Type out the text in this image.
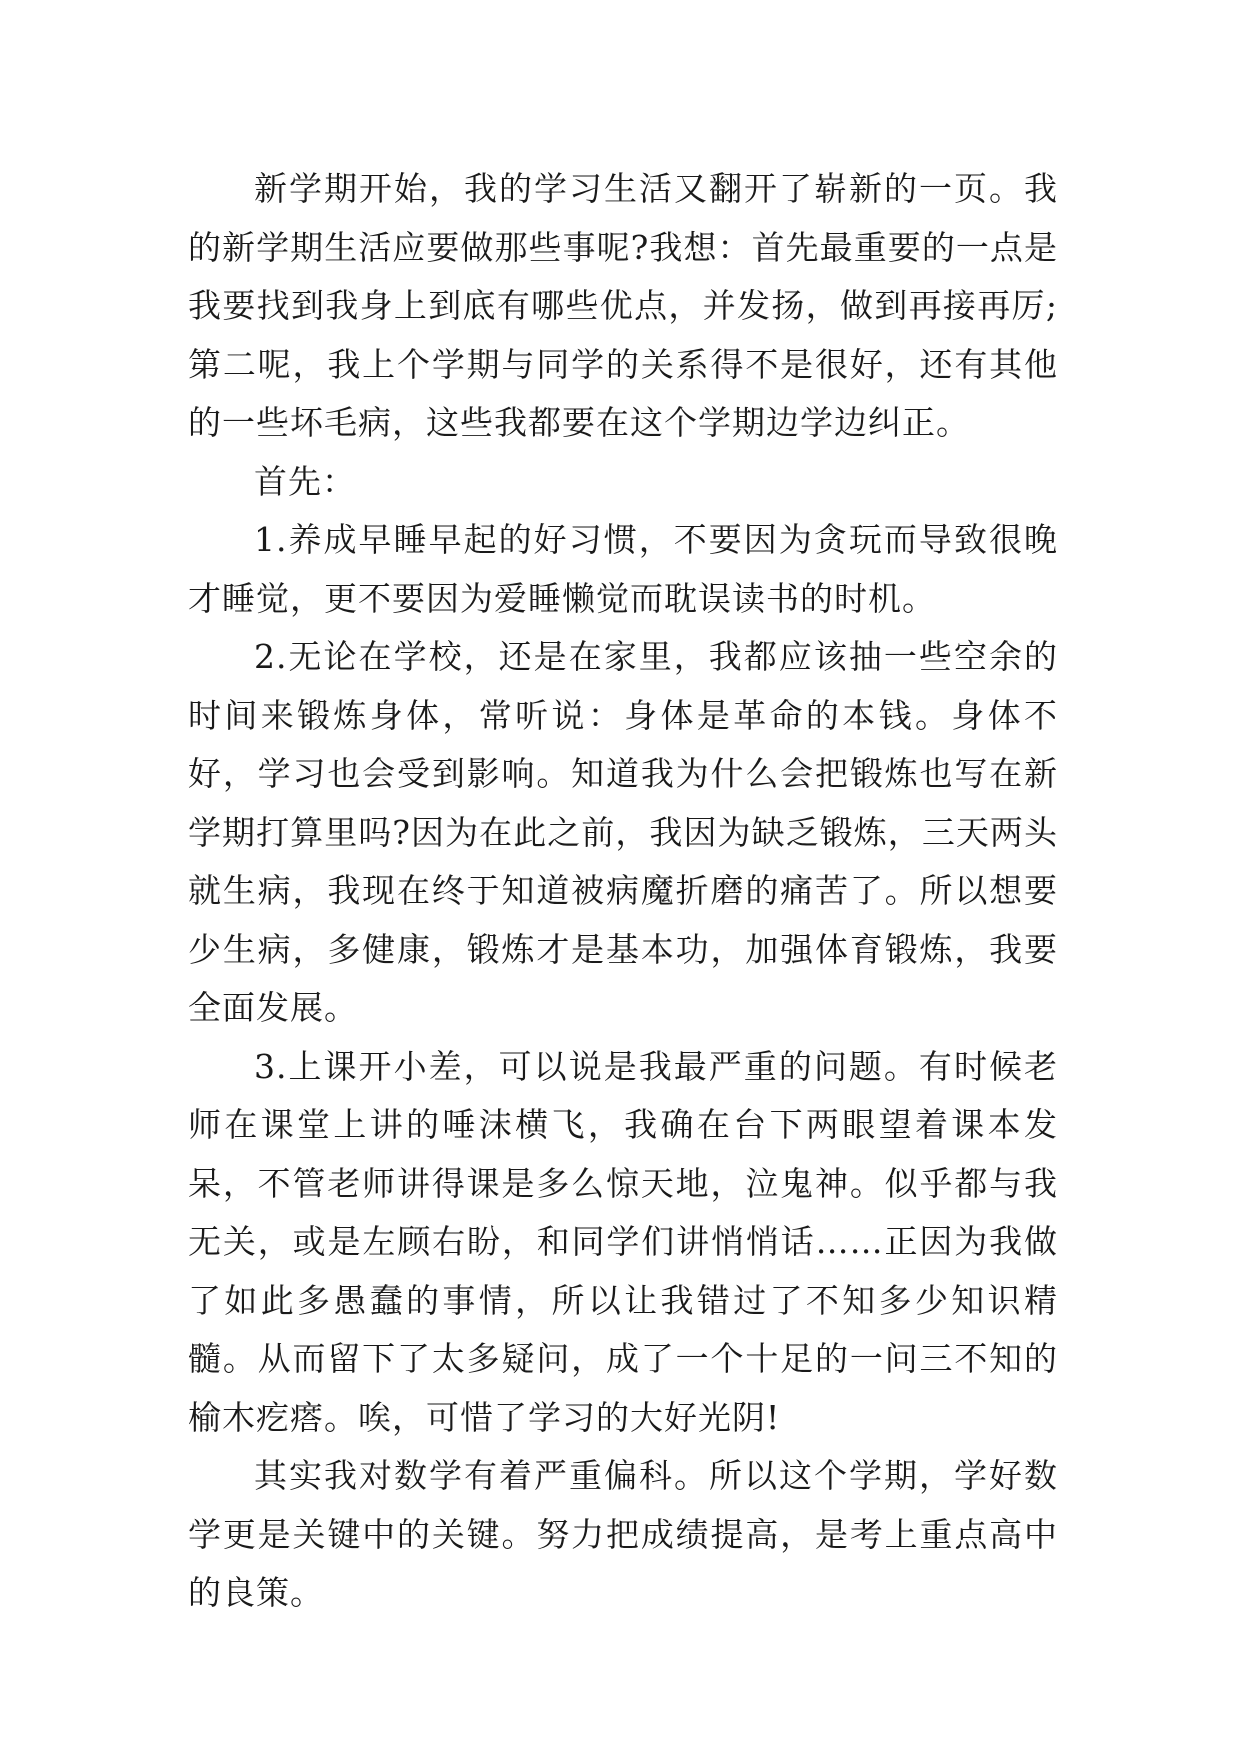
新学期开始，我的学习生活又翻开了崭新的一页。我的新学期生活应要做那些事呢?我想：首先最重要的一点是我要找到我身上到底有哪些优点，并发扬，做到再接再厉;第二呢，我上个学期与同学的关系得不是很好，还有其他的一些坏毛病，这些我都要在这个学期边学边纠正。

首先：

1.养成早睡早起的好习惯，不要因为贪玩而导致很晚才睡觉，更不要因为爱睡懒觉而耽误读书的时机。

2.无论在学校，还是在家里，我都应该抽一些空余的时间来锻炼身体，常听说：身体是革命的本钱。身体不好，学习也会受到影响。知道我为什么会把锻炼也写在新学期打算里吗?因为在此之前，我因为缺乏锻炼，三天两头就生病，我现在终于知道被病魔折磨的痛苦了。所以想要少生病，多健康，锻炼才是基本功，加强体育锻炼，我要全面发展。

3.上课开小差，可以说是我最严重的问题。有时候老师在课堂上讲的唾沫横飞，我确在台下两眼望着课本发呆，不管老师讲得课是多么惊天地，泣鬼神。似乎都与我无关，或是左顾右盼，和同学们讲悄悄话……正因为我做了如此多愚蠢的事情，所以让我错过了不知多少知识精髓。从而留下了太多疑问，成了一个十足的一问三不知的榆木疙瘩。唉，可惜了学习的大好光阴!

其实我对数学有着严重偏科。所以这个学期，学好数学更是关键中的关键。努力把成绩提高，是考上重点高中的良策。
